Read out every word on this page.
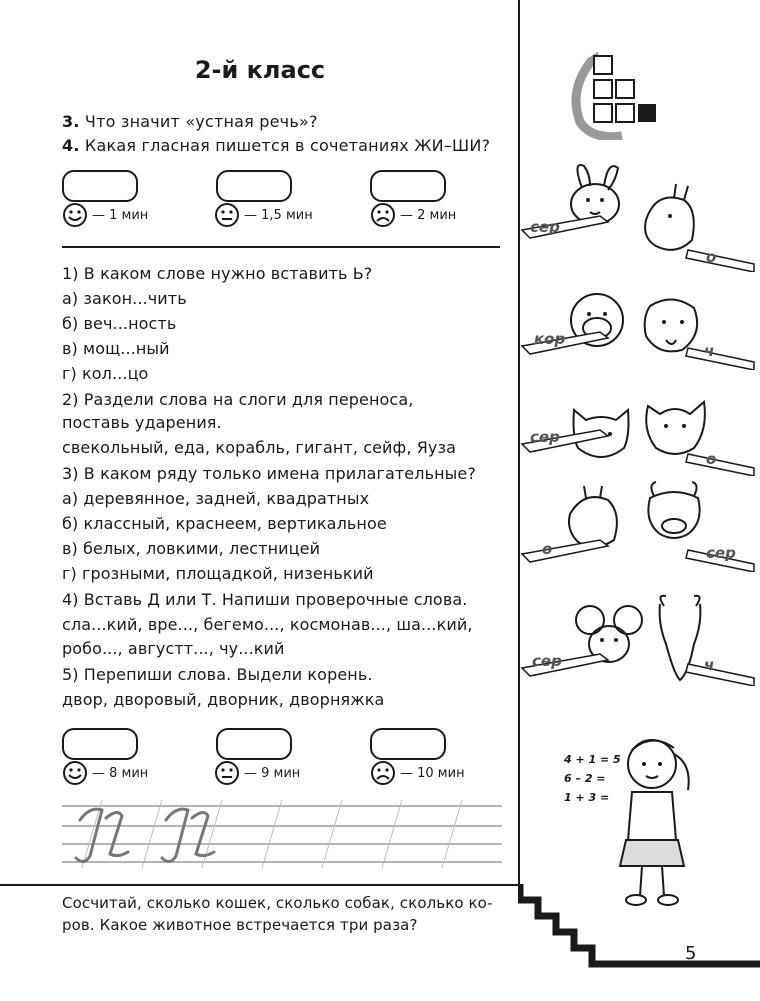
2-й класс
3. Что значит «устная речь»?
4. Какая гласная пишется в сочетаниях ЖИ–ШИ?
— 1 мин	— 1,5 мин	— 2 мин
1) В каком слове нужно вставить Ь?
а) закон...чить
б) веч...ность
в) мощ...ный
г) кол...цо
2) Раздели слова на слоги для переноса,
поставь ударения.
свекольный, еда, корабль, гигант, сейф, Яуза
3) В каком ряду только имена прилагательные?
а) деревянное, задней, квадратных
б) классный, краснеем, вертикальное
в) белых, ловкими, лестницей
г) грозными, площадкой, низенький
4) Вставь Д или Т. Напиши проверочные слова.
сла...кий, вре..., бегемо..., космонав..., ша...кий,
робо..., августт..., чу...кий
5) Перепиши слова. Выдели корень.
двор, дворовый, дворник, дворняжка
— 8 мин	— 9 мин	— 10 мин
Сосчитай, сколько кошек, сколько собак, сколько ко-
ров. Какое животное встречается три раза?
5
сер
о
кор
ч
сер
о
о	сер
сер	ч
4 + 1 = 5
6 – 2 =
1 + 3 =
